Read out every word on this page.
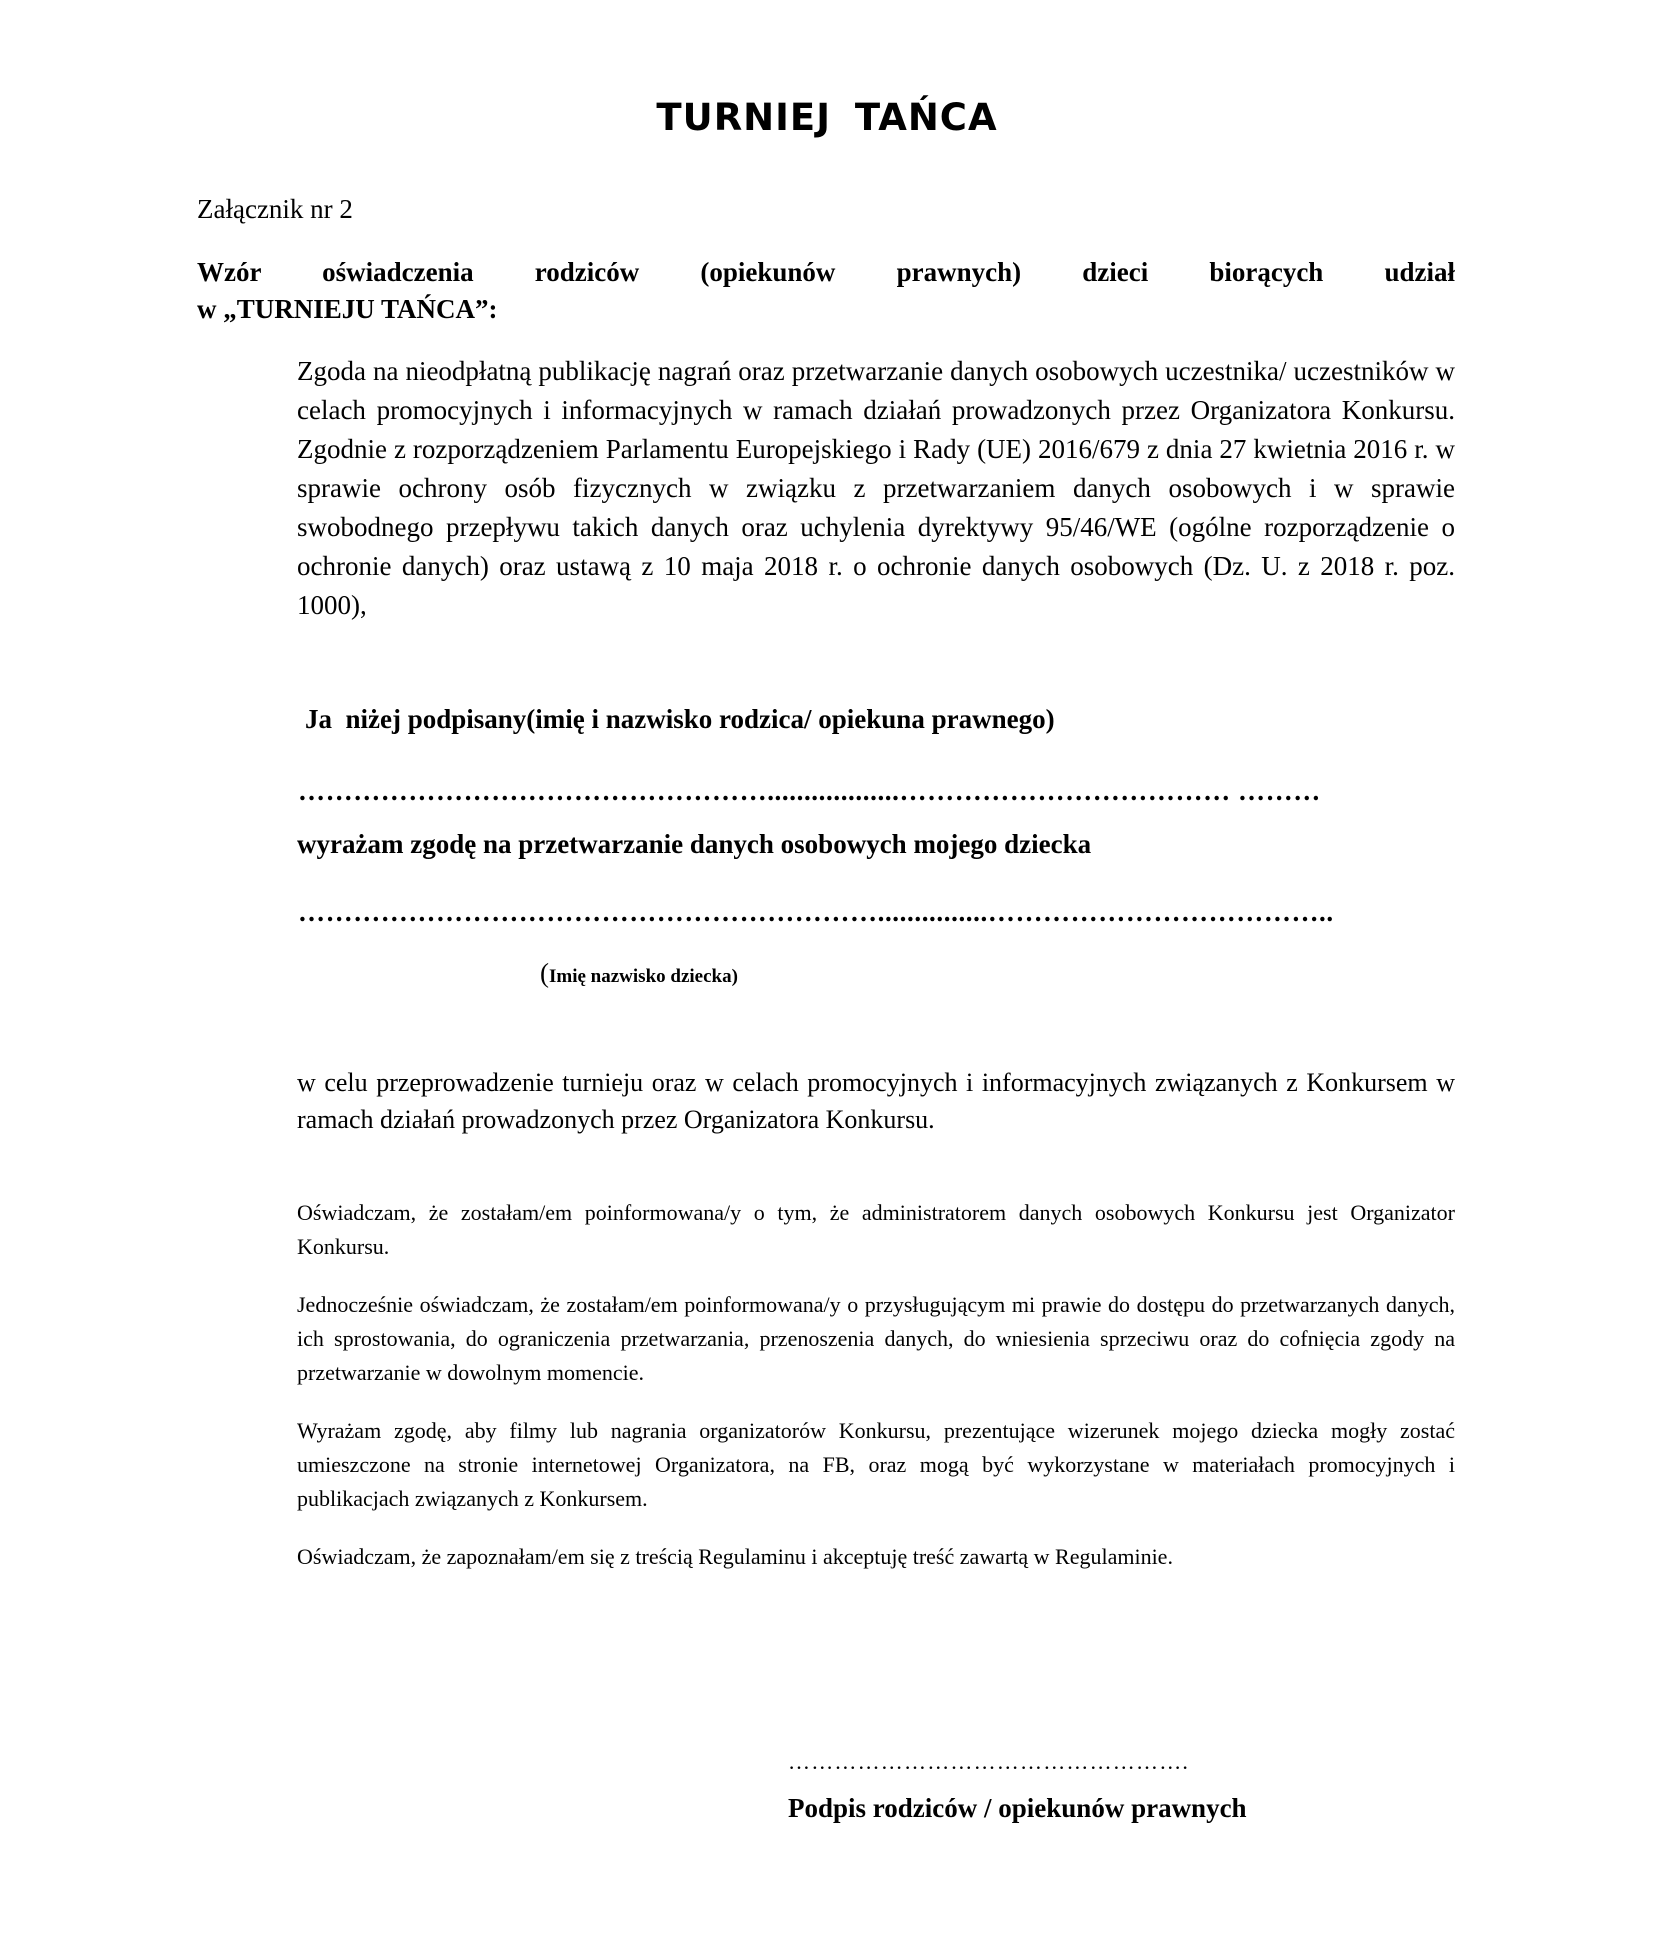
TURNIEJ TAŃCA
Załącznik nr 2
Wzór oświadczenia rodziców (opiekunów prawnych) dzieci biorących udział
w „TURNIEJU TAŃCA”:
Zgoda na nieodpłatną publikację nagrań oraz przetwarzanie danych osobowych uczestnika/ uczestników w celach promocyjnych i informacyjnych w ramach działań prowadzonych przez Organizatora Konkursu. Zgodnie z rozporządzeniem Parlamentu Europejskiego i Rady (UE) 2016/679 z dnia 27 kwietnia 2016 r. w sprawie ochrony osób fizycznych w związku z przetwarzaniem danych osobowych i w sprawie swobodnego przepływu takich danych oraz uchylenia dyrektywy 95/46/WE (ogólne rozporządzenie o ochronie danych) oraz ustawą z 10 maja 2018 r. o ochronie danych osobowych (Dz. U. z 2018 r. poz. 1000),
Ja  niżej podpisany(imię i nazwisko rodzica/ opiekuna prawnego)
……………………………………………..................……………………………… ………
wyrażam zgodę na przetwarzanie danych osobowych mojego dziecka
………………………………………………………...............………………………………..
(Imię nazwisko dziecka)
w celu przeprowadzenie turnieju oraz w celach promocyjnych i informacyjnych związanych z Konkursem w ramach działań prowadzonych przez Organizatora Konkursu.
Oświadczam, że zostałam/em poinformowana/y o tym, że administratorem danych osobowych Konkursu jest Organizator Konkursu.
Jednocześnie oświadczam, że zostałam/em poinformowana/y o przysługującym mi prawie do dostępu do przetwarzanych danych, ich sprostowania, do ograniczenia przetwarzania, przenoszenia danych, do wniesienia sprzeciwu oraz do cofnięcia zgody na przetwarzanie w dowolnym momencie.
Wyrażam zgodę, aby filmy lub nagrania organizatorów Konkursu, prezentujące wizerunek mojego dziecka mogły zostać umieszczone na stronie internetowej Organizatora, na FB, oraz mogą być wykorzystane w materiałach promocyjnych i publikacjach związanych z Konkursem.
Oświadczam, że zapoznałam/em się z treścią Regulaminu i akceptuję treść zawartą w Regulaminie.
…………………………………………….
Podpis rodziców / opiekunów prawnych
